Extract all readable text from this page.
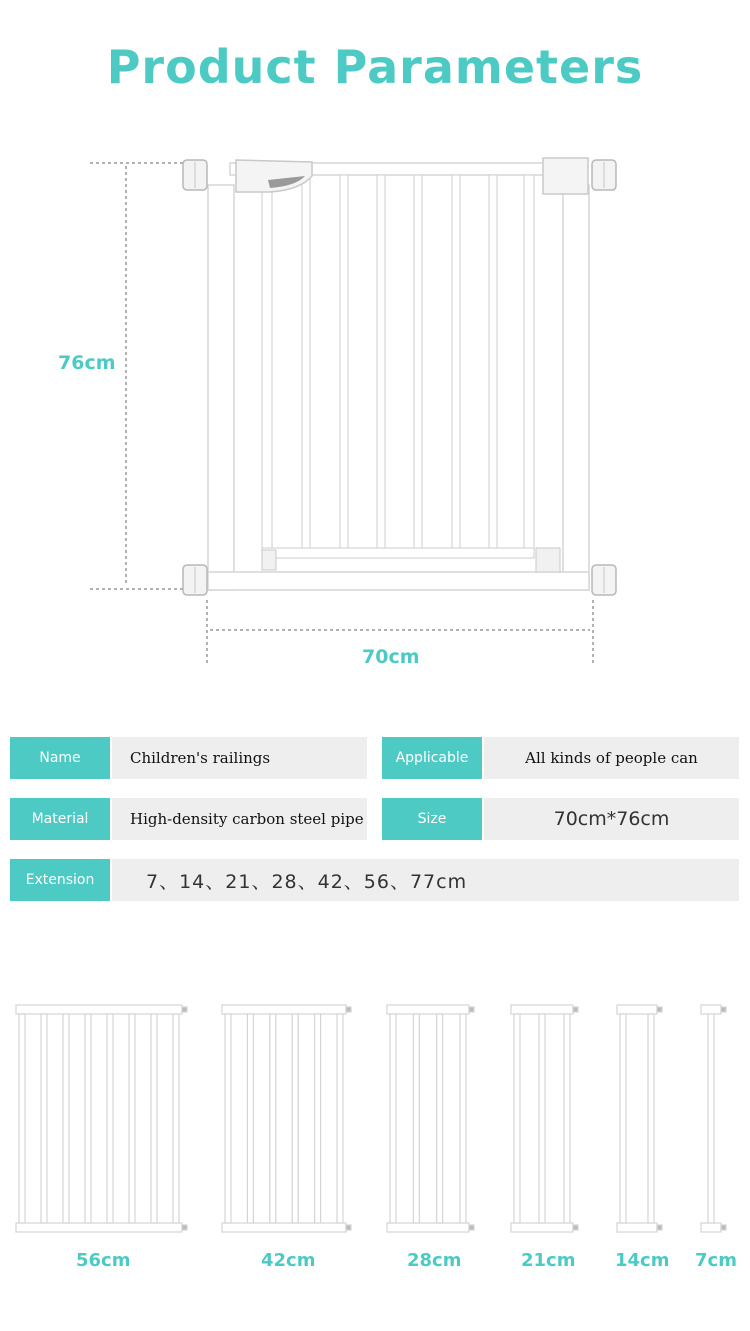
Product Parameters
76cm
70cm
Name	Children's railings	Applicable	All kinds of people can
Material	High-density carbon steel pipe	Size	70cm*76cm
Extension	7、14、21、28、42、56、77cm
56cm	42cm	28cm	21cm 14cm 7cm
